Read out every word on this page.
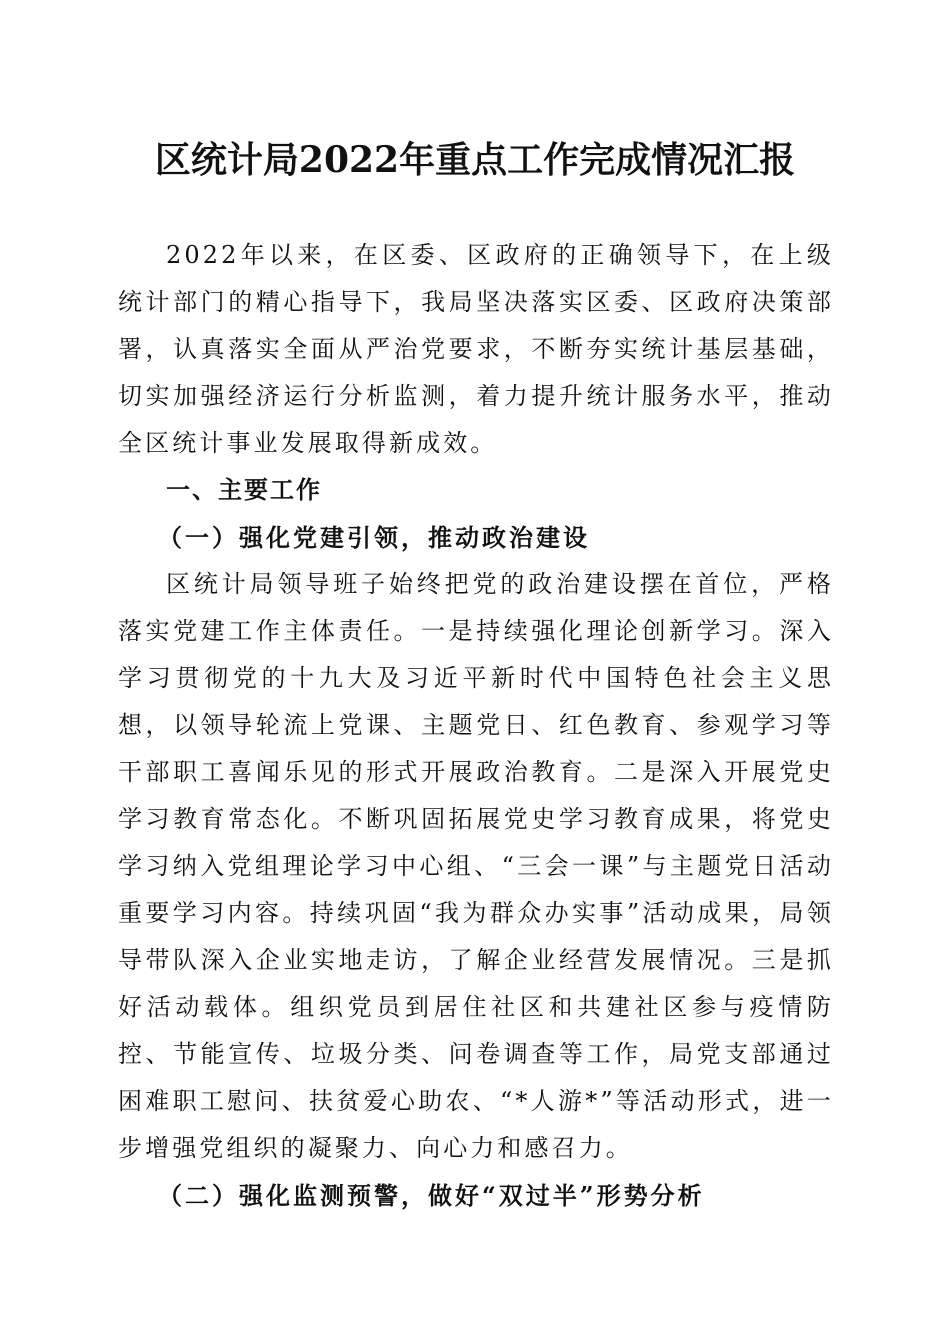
区统计局2022年重点工作完成情况汇报

2022年以来，在区委、区政府的正确领导下，在上级统计部门的精心指导下，我局坚决落实区委、区政府决策部署，认真落实全面从严治党要求，不断夯实统计基层基础，切实加强经济运行分析监测，着力提升统计服务水平，推动全区统计事业发展取得新成效。

一、主要工作

（一）强化党建引领，推动政治建设

区统计局领导班子始终把党的政治建设摆在首位，严格落实党建工作主体责任。一是持续强化理论创新学习。深入学习贯彻党的十九大及习近平新时代中国特色社会主义思想，以领导轮流上党课、主题党日、红色教育、参观学习等干部职工喜闻乐见的形式开展政治教育。二是深入开展党史学习教育常态化。不断巩固拓展党史学习教育成果，将党史学习纳入党组理论学习中心组、“三会一课”与主题党日活动重要学习内容。持续巩固“我为群众办实事”活动成果，局领导带队深入企业实地走访，了解企业经营发展情况。三是抓好活动载体。组织党员到居住社区和共建社区参与疫情防控、节能宣传、垃圾分类、问卷调查等工作，局党支部通过困难职工慰问、扶贫爱心助农、“*人游*”等活动形式，进一步增强党组织的凝聚力、向心力和感召力。

（二）强化监测预警，做好“双过半”形势分析
